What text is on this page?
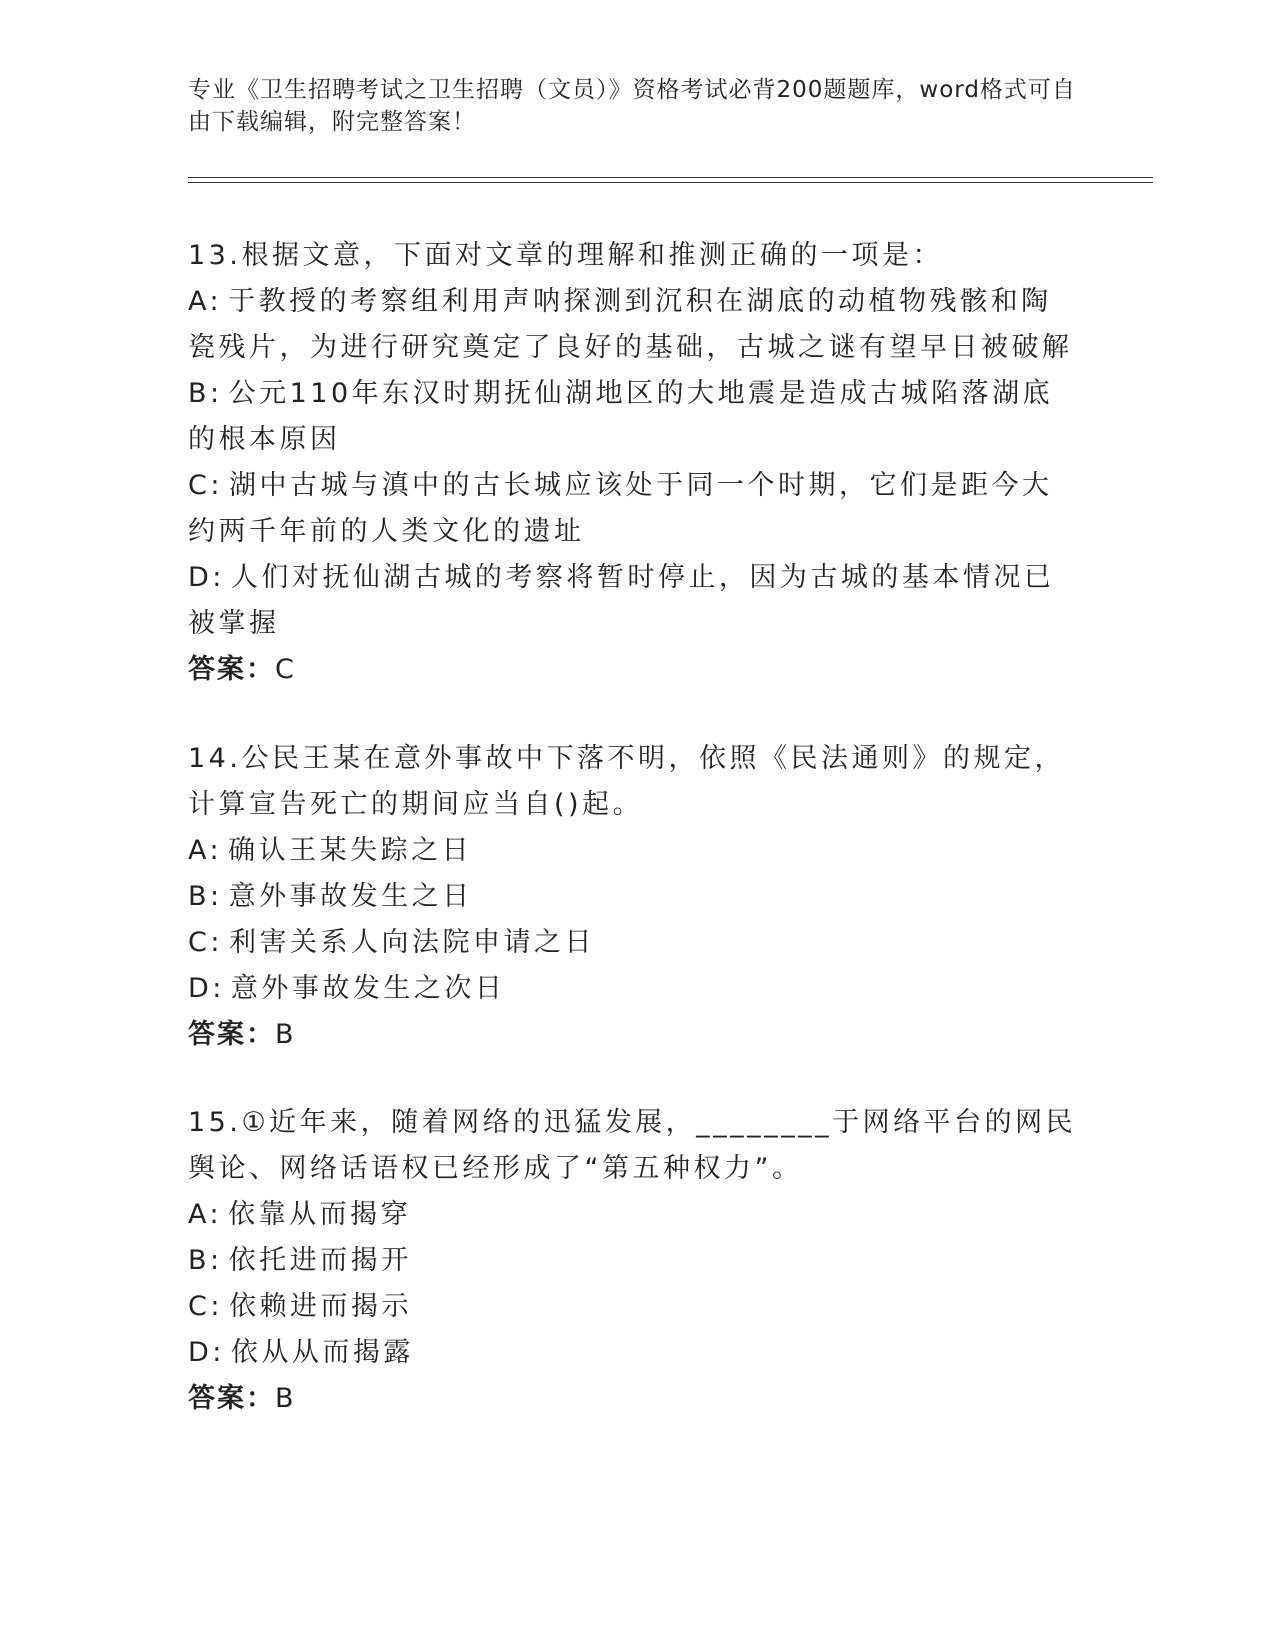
专业《卫生招聘考试之卫生招聘（文员）》资格考试必背200题题库，word格式可自由下载编辑，附完整答案！

13.根据文意，下面对文章的理解和推测正确的一项是：

A: 于教授的考察组利用声呐探测到沉积在湖底的动植物残骸和陶瓷残片，为进行研究奠定了良好的基础，古城之谜有望早日被破解

B: 公元110年东汉时期抚仙湖地区的大地震是造成古城陷落湖底的根本原因

C: 湖中古城与滇中的古长城应该处于同一个时期，它们是距今大约两千年前的人类文化的遗址

D: 人们对抚仙湖古城的考察将暂时停止，因为古城的基本情况已被掌握

答案：C

14.公民王某在意外事故中下落不明，依照《民法通则》的规定，计算宣告死亡的期间应当自()起。

A: 确认王某失踪之日

B: 意外事故发生之日

C: 利害关系人向法院申请之日

D: 意外事故发生之次日

答案：B

15.①近年来，随着网络的迅猛发展，________于网络平台的网民舆论、网络话语权已经形成了“第五种权力”。

A: 依靠从而揭穿

B: 依托进而揭开

C: 依赖进而揭示

D: 依从从而揭露

答案：B
